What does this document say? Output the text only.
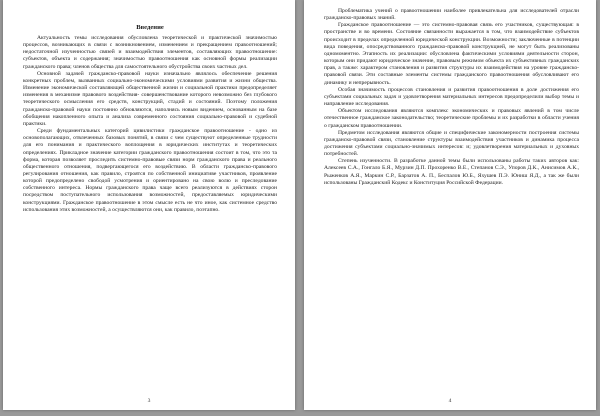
Введение

Актуальность темы исследования обусловлена теоретической и практической значимостью процессов, возникающих в связи с возникновением, изменением и прекращением правоотношений; недостаточной изученностью связей и взаимодействия элементов, составляющих правоотношение: субъектов, объекта и содержания; значимостью правоотношения как основной формы реализации гражданского права; членов общества для самостоятельного обустройства своих частных дел.

Основной задачей гражданско-правовой науки изначально являлось обеспечение решения конкретных проблем, вызванных социально-экономическими условиями развития и жизни общества. Изменение экономической составляющей общественной жизни и социальной практики предопределяет изменения в механизме правового воздействия- совершенствование которого невозможно без глубокого теоретического осмысления его средств, конструкций, стадий и состояний. Поэтому положения гражданско-правовой науки постоянно обновляются, наполнясь новым видением, основанным на базе обобщения накопленного опыта и анализа современного состояния социально-правовой и судебной практики.

Среди фундаментальных категорий цивилистики гражданское правоотношение - одно из основополагающих, отвлеченных базовых понятий, в связи с чем существуют определенные трудности для его понимания и практического воплощения в юридических институтах и теоретических определениях. Прикладное значение категории гражданского правоотношения состоит в том, что это та форма, которая позволяет проследить системно-правовые связи норм гражданского права и реального общественного отношения, подвергающегося его воздействию. В области гражданско-правового регулирования отношения, как правило, строятся по собственной инициативе участников, проявление которой предопределено свободой усмотрения и ориентировано на свою волю и преследование собственного интереса. Нормы гражданского права чаще всего реализуются в действиях сторон посредством поступательного использования возможностей, предоставляемых юридическими конструкциями. Гражданское правоотношение в этом смысле есть не что иное, как системное средство использования этих возможностей, а осуществляются они, как правило, поэтапно.

3

Проблематика учений о правоотношении наиболее привлекательна для исследователей отрасли гражданско-правовых знаний.

Гражданское правоотношение — это системно-правовая связь его участников, существующая: в пространстве и во времени. Состояние связанности выражается в том, что взаимодействие субъектов происходит в пределах определенной юридической конструкции. Возможности; заключенные в потенции вида поведения, опосредствованного гражданско-правовой конструкцией, не могут быть реализованы одномоментно. Этапность их реализации: обусловлена фактическими условиями деятельности сторон, которым они придают юридическое значение, правовым режимом объекта их субъективных гражданских прав, а также: характером становления и развития структуры их взаимодействия на уровне гражданско-правовой связи. Эти составные элементы системы гражданского правоотношения обусловливают его динамику и непрерывность.

Особая значимость процессов становления и развития правоотношения в доле достижения его субъектами социальных задач и удовлетворения материальных интересов предопределили выбор темы и направление исследования.

Объектом исследования являются комплекс экономических и правовых явлений в том числе отечественное гражданское законодательство; теоретические проблемы и их разработки в области учения о гражданском правоотношении.

Предметом исследования являются общие и специфические закономерности построения системы гражданско-правовой связи, становление структуры взаимодействия участников и динамика процесса достижения субъектами социально-значимых интересов: и; удовлетворения материальных и духовных потребностей.

Степень изученности. В разработке данной темы были использованы работы таких авторов как: Алексеев С.А., Гонгало Б.Я., Мурзин Д.П. Прохоренко В.Е., Степанов С.Э., Упоров Д.К., Анисимов А.К., Рыженков А.Я., Маркин С.Р., Барзатов А. П., Беспалов Ю.Б., Яхушев П.Э. Юниш Я.Д., а так же были использованы Гражданский Кодекс и Конституция Российской Федерации.

4
